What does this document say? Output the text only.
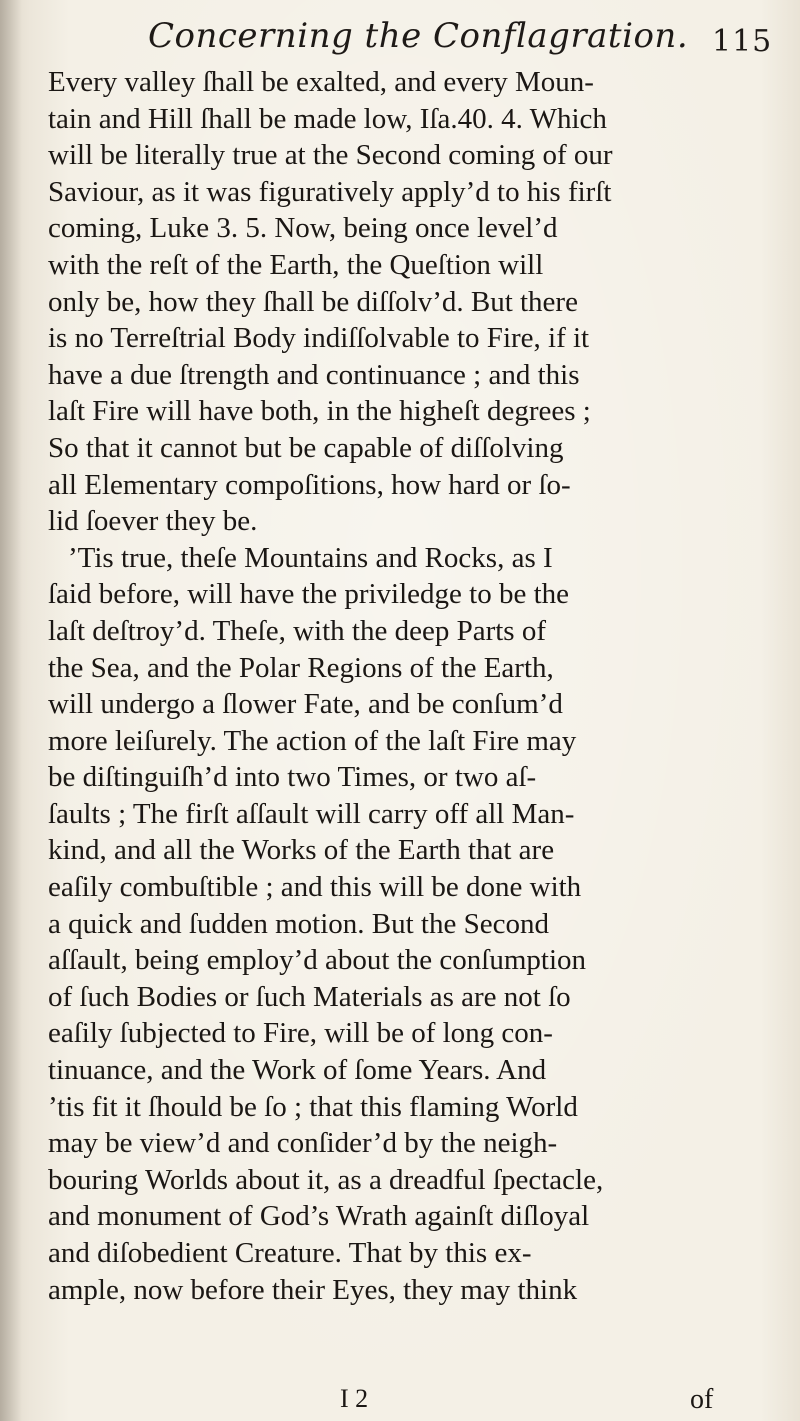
Concerning the Conflagration. 115
Every valley ſhall be exalted, and every Moun-
tain and Hill ſhall be made low, Iſa.40. 4. Which
will be literally true at the Second coming of our
Saviour, as it was figuratively apply’d to his firſt
coming, Luke 3. 5. Now, being once level’d
with the reſt of the Earth, the Queſtion will
only be, how they ſhall be diſſolv’d. But there
is no Terreſtrial Body indiſſolvable to Fire, if it
have a due ſtrength and continuance ; and this
laſt Fire will have both, in the higheſt degrees ;
So that it cannot but be capable of diſſolving
all Elementary compoſitions, how hard or ſo-
lid ſoever they be.
’Tis true, theſe Mountains and Rocks, as I
ſaid before, will have the priviledge to be the
laſt deſtroy’d. Theſe, with the deep Parts of
the Sea, and the Polar Regions of the Earth,
will undergo a ſlower Fate, and be conſum’d
more leiſurely. The action of the laſt Fire may
be diſtinguiſh’d into two Times, or two aſ-
ſaults ; The firſt aſſault will carry off all Man-
kind, and all the Works of the Earth that are
eaſily combuſtible ; and this will be done with
a quick and ſudden motion. But the Second
aſſault, being employ’d about the conſumption
of ſuch Bodies or ſuch Materials as are not ſo
eaſily ſubjected to Fire, will be of long con-
tinuance, and the Work of ſome Years. And
’tis fit it ſhould be ſo ; that this flaming World
may be view’d and conſider’d by the neigh-
bouring Worlds about it, as a dreadful ſpectacle,
and monument of God’s Wrath againſt diſloyal
and diſobedient Creature. That by this ex-
ample, now before their Eyes, they may think
I 2	of
